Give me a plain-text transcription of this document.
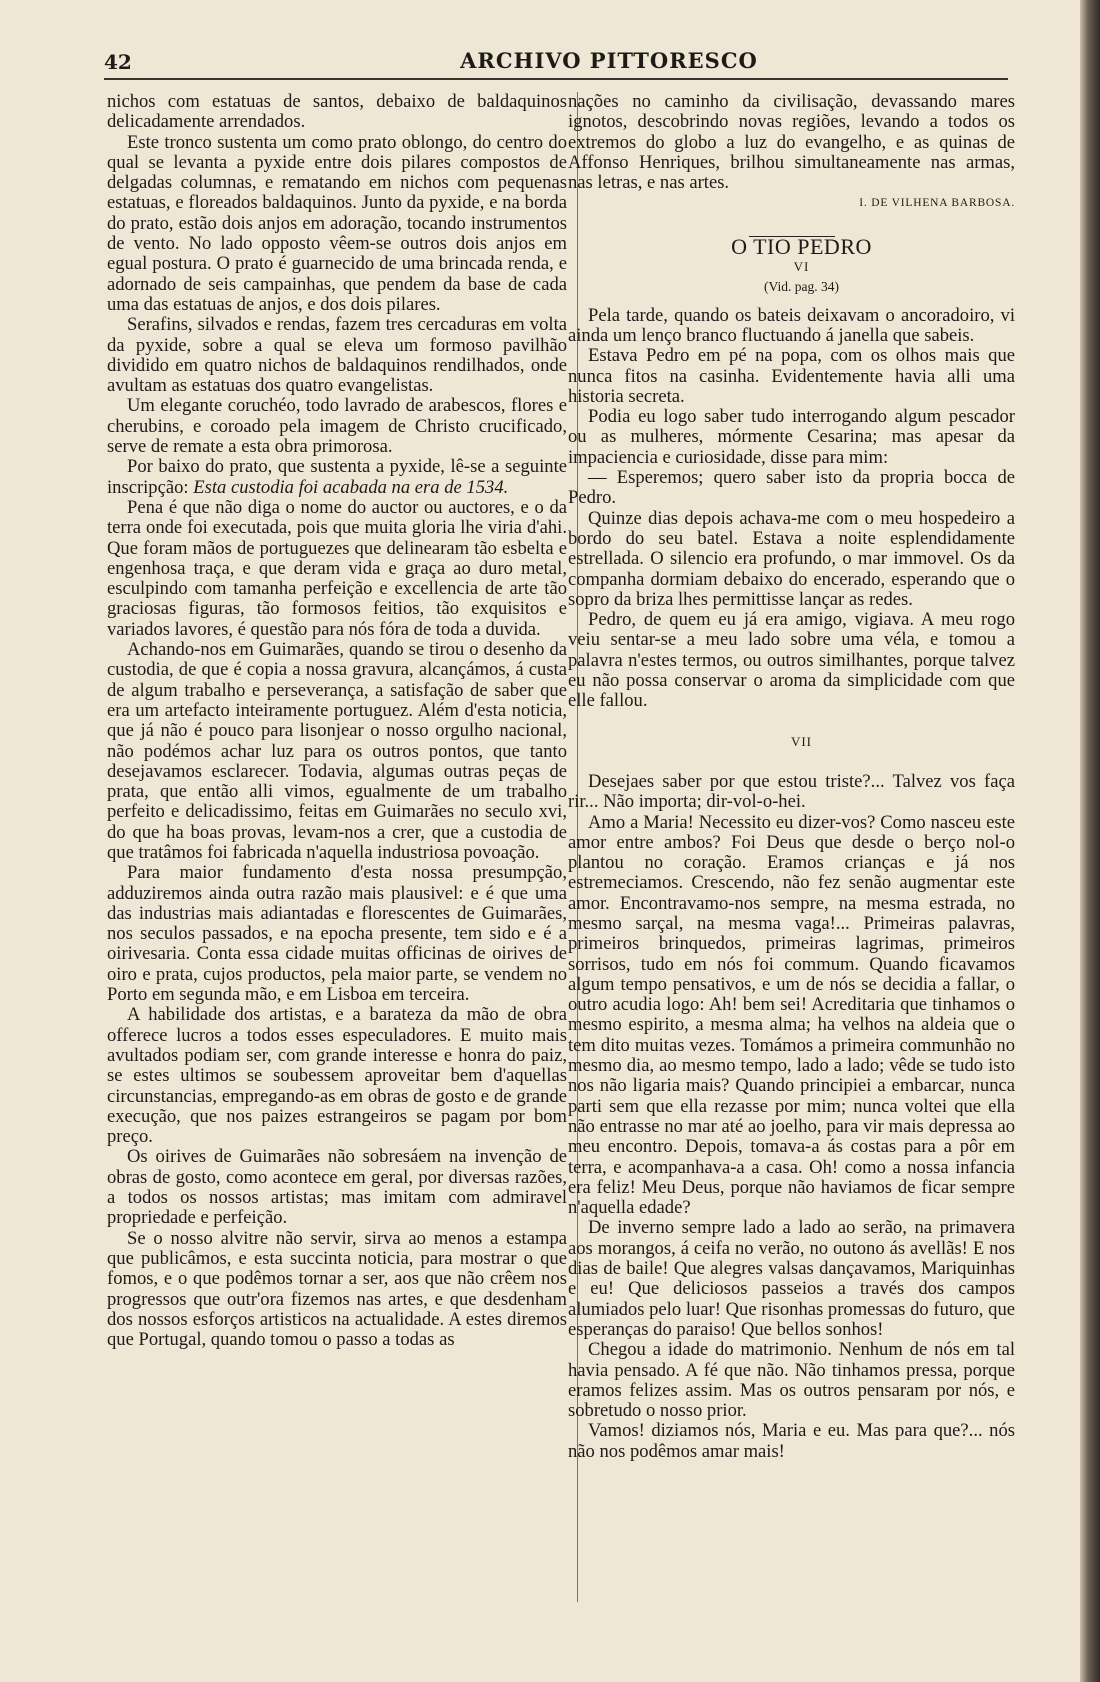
42	ARCHIVO PITTORESCO

nichos com estatuas de santos, debaixo de baldaquinos delicadamente arrendados.

Este tronco sustenta um como prato oblongo, do centro do qual se levanta a pyxide entre dois pilares compostos de delgadas columnas, e rematando em nichos com pequenas estatuas, e floreados baldaquinos. Junto da pyxide, e na borda do prato, estão dois anjos em adoração, tocando instrumentos de vento. No lado opposto vêem-se outros dois anjos em egual postura. O prato é guarnecido de uma brincada renda, e adornado de seis campainhas, que pendem da base de cada uma das estatuas de anjos, e dos dois pilares.

Serafins, silvados e rendas, fazem tres cercaduras em volta da pyxide, sobre a qual se eleva um formoso pavilhão dividido em quatro nichos de baldaquinos rendilhados, onde avultam as estatuas dos quatro evangelistas.

Um elegante coruchéo, todo lavrado de arabescos, flores e cherubins, e coroado pela imagem de Christo crucificado, serve de remate a esta obra primorosa.

Por baixo do prato, que sustenta a pyxide, lê-se a seguinte inscripção: Esta custodia foi acabada na era de 1534.

Pena é que não diga o nome do auctor ou auctores, e o da terra onde foi executada, pois que muita gloria lhe viria d'ahi. Que foram mãos de portuguezes que delinearam tão esbelta e engenhosa traça, e que deram vida e graça ao duro metal, esculpindo com tamanha perfeição e excellencia de arte tão graciosas figuras, tão formosos feitios, tão exquisitos e variados lavores, é questão para nós fóra de toda a duvida.

Achando-nos em Guimarães, quando se tirou o desenho da custodia, de que é copia a nossa gravura, alcançámos, á custa de algum trabalho e perseverança, a satisfação de saber que era um artefacto inteiramente portuguez. Além d'esta noticia, que já não é pouco para lisonjear o nosso orgulho nacional, não podémos achar luz para os outros pontos, que tanto desejavamos esclarecer. Todavia, algumas outras peças de prata, que então alli vimos, egualmente de um trabalho perfeito e delicadissimo, feitas em Guimarães no seculo xvi, do que ha boas provas, levam-nos a crer, que a custodia de que tratâmos foi fabricada n'aquella industriosa povoação.

Para maior fundamento d'esta nossa presumpção, adduziremos ainda outra razão mais plausivel: e é que uma das industrias mais adiantadas e florescentes de Guimarães, nos seculos passados, e na epocha presente, tem sido e é a oirivesaria. Conta essa cidade muitas officinas de oirives de oiro e prata, cujos productos, pela maior parte, se vendem no Porto em segunda mão, e em Lisboa em terceira.

A habilidade dos artistas, e a barateza da mão de obra offerece lucros a todos esses especuladores. E muito mais avultados podiam ser, com grande interesse e honra do paiz, se estes ultimos se soubessem aproveitar bem d'aquellas circunstancias, empregando-as em obras de gosto e de grande execução, que nos paizes estrangeiros se pagam por bom preço.

Os oirives de Guimarães não sobresáem na invenção de obras de gosto, como acontece em geral, por diversas razões, a todos os nossos artistas; mas imitam com admiravel propriedade e perfeição.

Se o nosso alvitre não servir, sirva ao menos a estampa que publicâmos, e esta succinta noticia, para mostrar o que fomos, e o que podêmos tornar a ser, aos que não crêem nos progressos que outr'ora fizemos nas artes, e que desdenham dos nossos esforços artisticos na actualidade. A estes diremos que Portugal, quando tomou o passo a todas as

nações no caminho da civilisação, devassando mares ignotos, descobrindo novas regiões, levando a todos os extremos do globo a luz do evangelho, e as quinas de Affonso Henriques, brilhou simultaneamente nas armas, nas letras, e nas artes.

I. DE VILHENA BARBOSA.

O TIO PEDRO

VI

(Vid. pag. 34)

Pela tarde, quando os bateis deixavam o ancoradoiro, vi ainda um lenço branco fluctuando á janella que sabeis.

Estava Pedro em pé na popa, com os olhos mais que nunca fitos na casinha. Evidentemente havia alli uma historia secreta.

Podia eu logo saber tudo interrogando algum pescador ou as mulheres, mórmente Cesarina; mas apesar da impaciencia e curiosidade, disse para mim:

— Esperemos; quero saber isto da propria bocca de Pedro.

Quinze dias depois achava-me com o meu hospedeiro a bordo do seu batel. Estava a noite esplendidamente estrellada. O silencio era profundo, o mar immovel. Os da companha dormiam debaixo do encerado, esperando que o sopro da briza lhes permittisse lançar as redes.

Pedro, de quem eu já era amigo, vigiava. A meu rogo veiu sentar-se a meu lado sobre uma véla, e tomou a palavra n'estes termos, ou outros similhantes, porque talvez eu não possa conservar o aroma da simplicidade com que elle fallou.

VII

Desejaes saber por que estou triste?... Talvez vos faça rir... Não importa; dir-vol-o-hei.

Amo a Maria! Necessito eu dizer-vos? Como nasceu este amor entre ambos? Foi Deus que desde o berço nol-o plantou no coração. Eramos crianças e já nos estremeciamos. Crescendo, não fez senão augmentar este amor. Encontravamo-nos sempre, na mesma estrada, no mesmo sarçal, na mesma vaga!... Primeiras palavras, primeiros brinquedos, primeiras lagrimas, primeiros sorrisos, tudo em nós foi commum. Quando ficavamos algum tempo pensativos, e um de nós se decidia a fallar, o outro acudia logo: Ah! bem sei! Acreditaria que tinhamos o mesmo espirito, a mesma alma; ha velhos na aldeia que o tem dito muitas vezes. Tomámos a primeira communhão no mesmo dia, ao mesmo tempo, lado a lado; vêde se tudo isto nos não ligaria mais? Quando principiei a embarcar, nunca parti sem que ella rezasse por mim; nunca voltei que ella não entrasse no mar até ao joelho, para vir mais depressa ao meu encontro. Depois, tomava-a ás costas para a pôr em terra, e acompanhava-a a casa. Oh! como a nossa infancia era feliz! Meu Deus, porque não haviamos de ficar sempre n'aquella edade?

De inverno sempre lado a lado ao serão, na primavera aos morangos, á ceifa no verão, no outono ás avellãs! E nos dias de baile! Que alegres valsas dançavamos, Mariquinhas e eu! Que deliciosos passeios a través dos campos alumiados pelo luar! Que risonhas promessas do futuro, que esperanças do paraiso! Que bellos sonhos!

Chegou a idade do matrimonio. Nenhum de nós em tal havia pensado. A fé que não. Não tinhamos pressa, porque eramos felizes assim. Mas os outros pensaram por nós, e sobretudo o nosso prior.

Vamos! diziamos nós, Maria e eu. Mas para que?... nós não nos podêmos amar mais!
